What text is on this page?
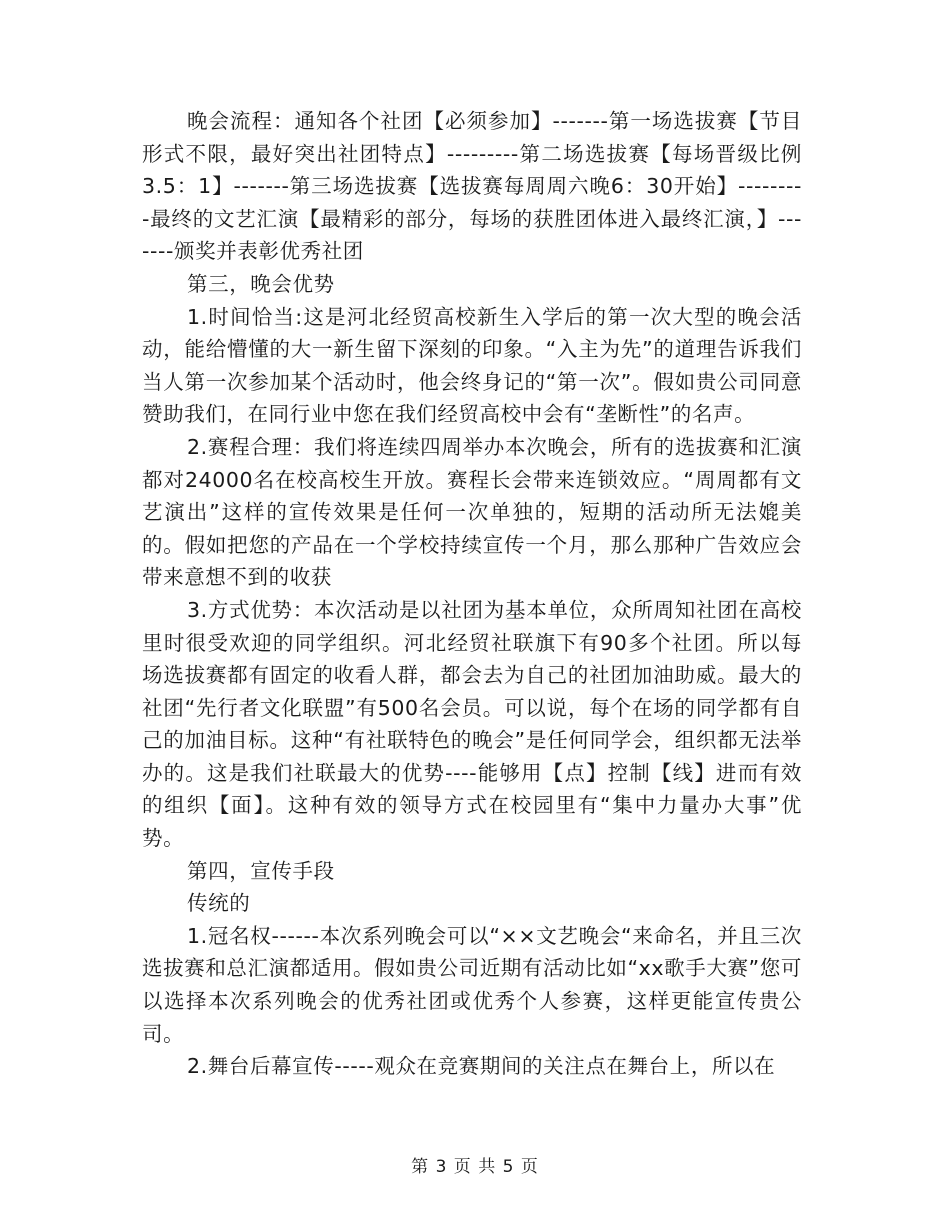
晚会流程：通知各个社团【必须参加】-------第一场选拔赛【节目形式不限，最好突出社团特点】---------第二场选拔赛【每场晋级比例3.5：1】-------第三场选拔赛【选拔赛每周周六晚6：30开始】---------最终的文艺汇演【最精彩的部分，每场的获胜团体进入最终汇演，】-------颁奖并表彰优秀社团

第三，晚会优势

1.时间恰当:这是河北经贸高校新生入学后的第一次大型的晚会活动，能给懵懂的大一新生留下深刻的印象。“入主为先”的道理告诉我们当人第一次参加某个活动时，他会终身记的“第一次”。假如贵公司同意赞助我们，在同行业中您在我们经贸高校中会有“垄断性”的名声。

2.赛程合理：我们将连续四周举办本次晚会，所有的选拔赛和汇演都对24000名在校高校生开放。赛程长会带来连锁效应。“周周都有文艺演出”这样的宣传效果是任何一次单独的，短期的活动所无法媲美的。假如把您的产品在一个学校持续宣传一个月，那么那种广告效应会带来意想不到的收获

3.方式优势：本次活动是以社团为基本单位，众所周知社团在高校里时很受欢迎的同学组织。河北经贸社联旗下有90多个社团。所以每场选拔赛都有固定的收看人群，都会去为自己的社团加油助威。最大的社团“先行者文化联盟”有500名会员。可以说，每个在场的同学都有自己的加油目标。这种“有社联特色的晚会”是任何同学会，组织都无法举办的。这是我们社联最大的优势----能够用【点】控制【线】进而有效的组织【面】。这种有效的领导方式在校园里有“集中力量办大事”优势。

第四，宣传手段

传统的

1.冠名权------本次系列晚会可以“××文艺晚会“来命名，并且三次选拔赛和总汇演都适用。假如贵公司近期有活动比如“xx歌手大赛”您可以选择本次系列晚会的优秀社团或优秀个人参赛，这样更能宣传贵公司。

2.舞台后幕宣传-----观众在竞赛期间的关注点在舞台上，所以在

第 3 页 共 5 页
